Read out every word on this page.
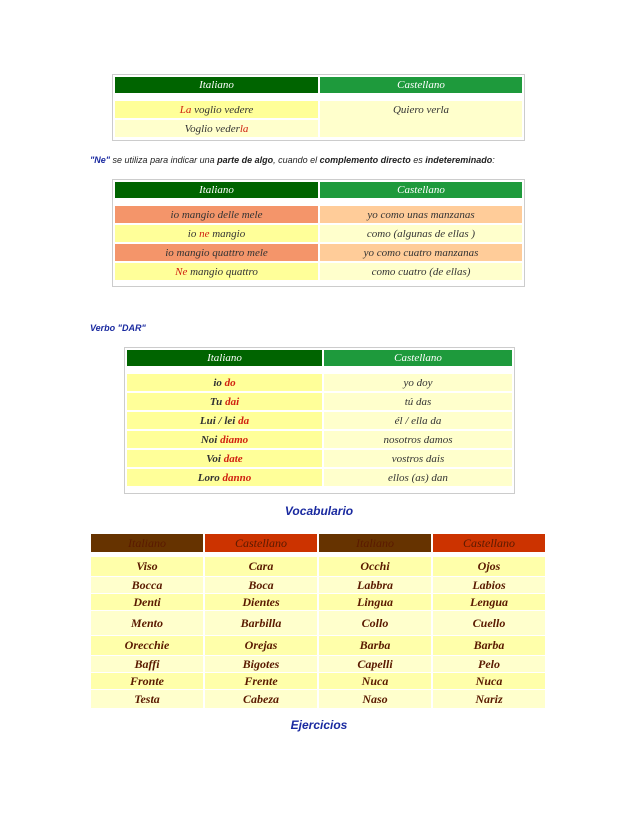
Italiano	Castellano

La voglio vedere	Quiero verla
Voglio vederla	
"Ne" se utiliza para indicar una parte de algo, cuando el complemento directo es indetereminado:
Italiano	Castellano

io mangio delle mele	yo como unas manzanas
io ne mangio	como (algunas de ellas )
io mangio quattro mele	yo como cuatro manzanas
Ne mangio quattro	como cuatro (de ellas)
Verbo "DAR"
Italiano	Castellano

io do	yo doy
Tu dai	tú das
Lui / lei da	él / ella da
Noi diamo	nosotros damos
Voi date	vostros dais
Loro danno	ellos (as) dan
Vocabulario
Italiano	Castellano	Italiano	Castellano

Viso	Cara	Occhi	Ojos
Bocca	Boca	Labbra	Labios
Denti	Dientes	Lingua	Lengua
Mento	Barbilla	Collo	Cuello
Orecchie	Orejas	Barba	Barba
Baffi	Bigotes	Capelli	Pelo
Fronte	Frente	Nuca	Nuca
Testa	Cabeza	Naso	Nariz
Ejercicios
